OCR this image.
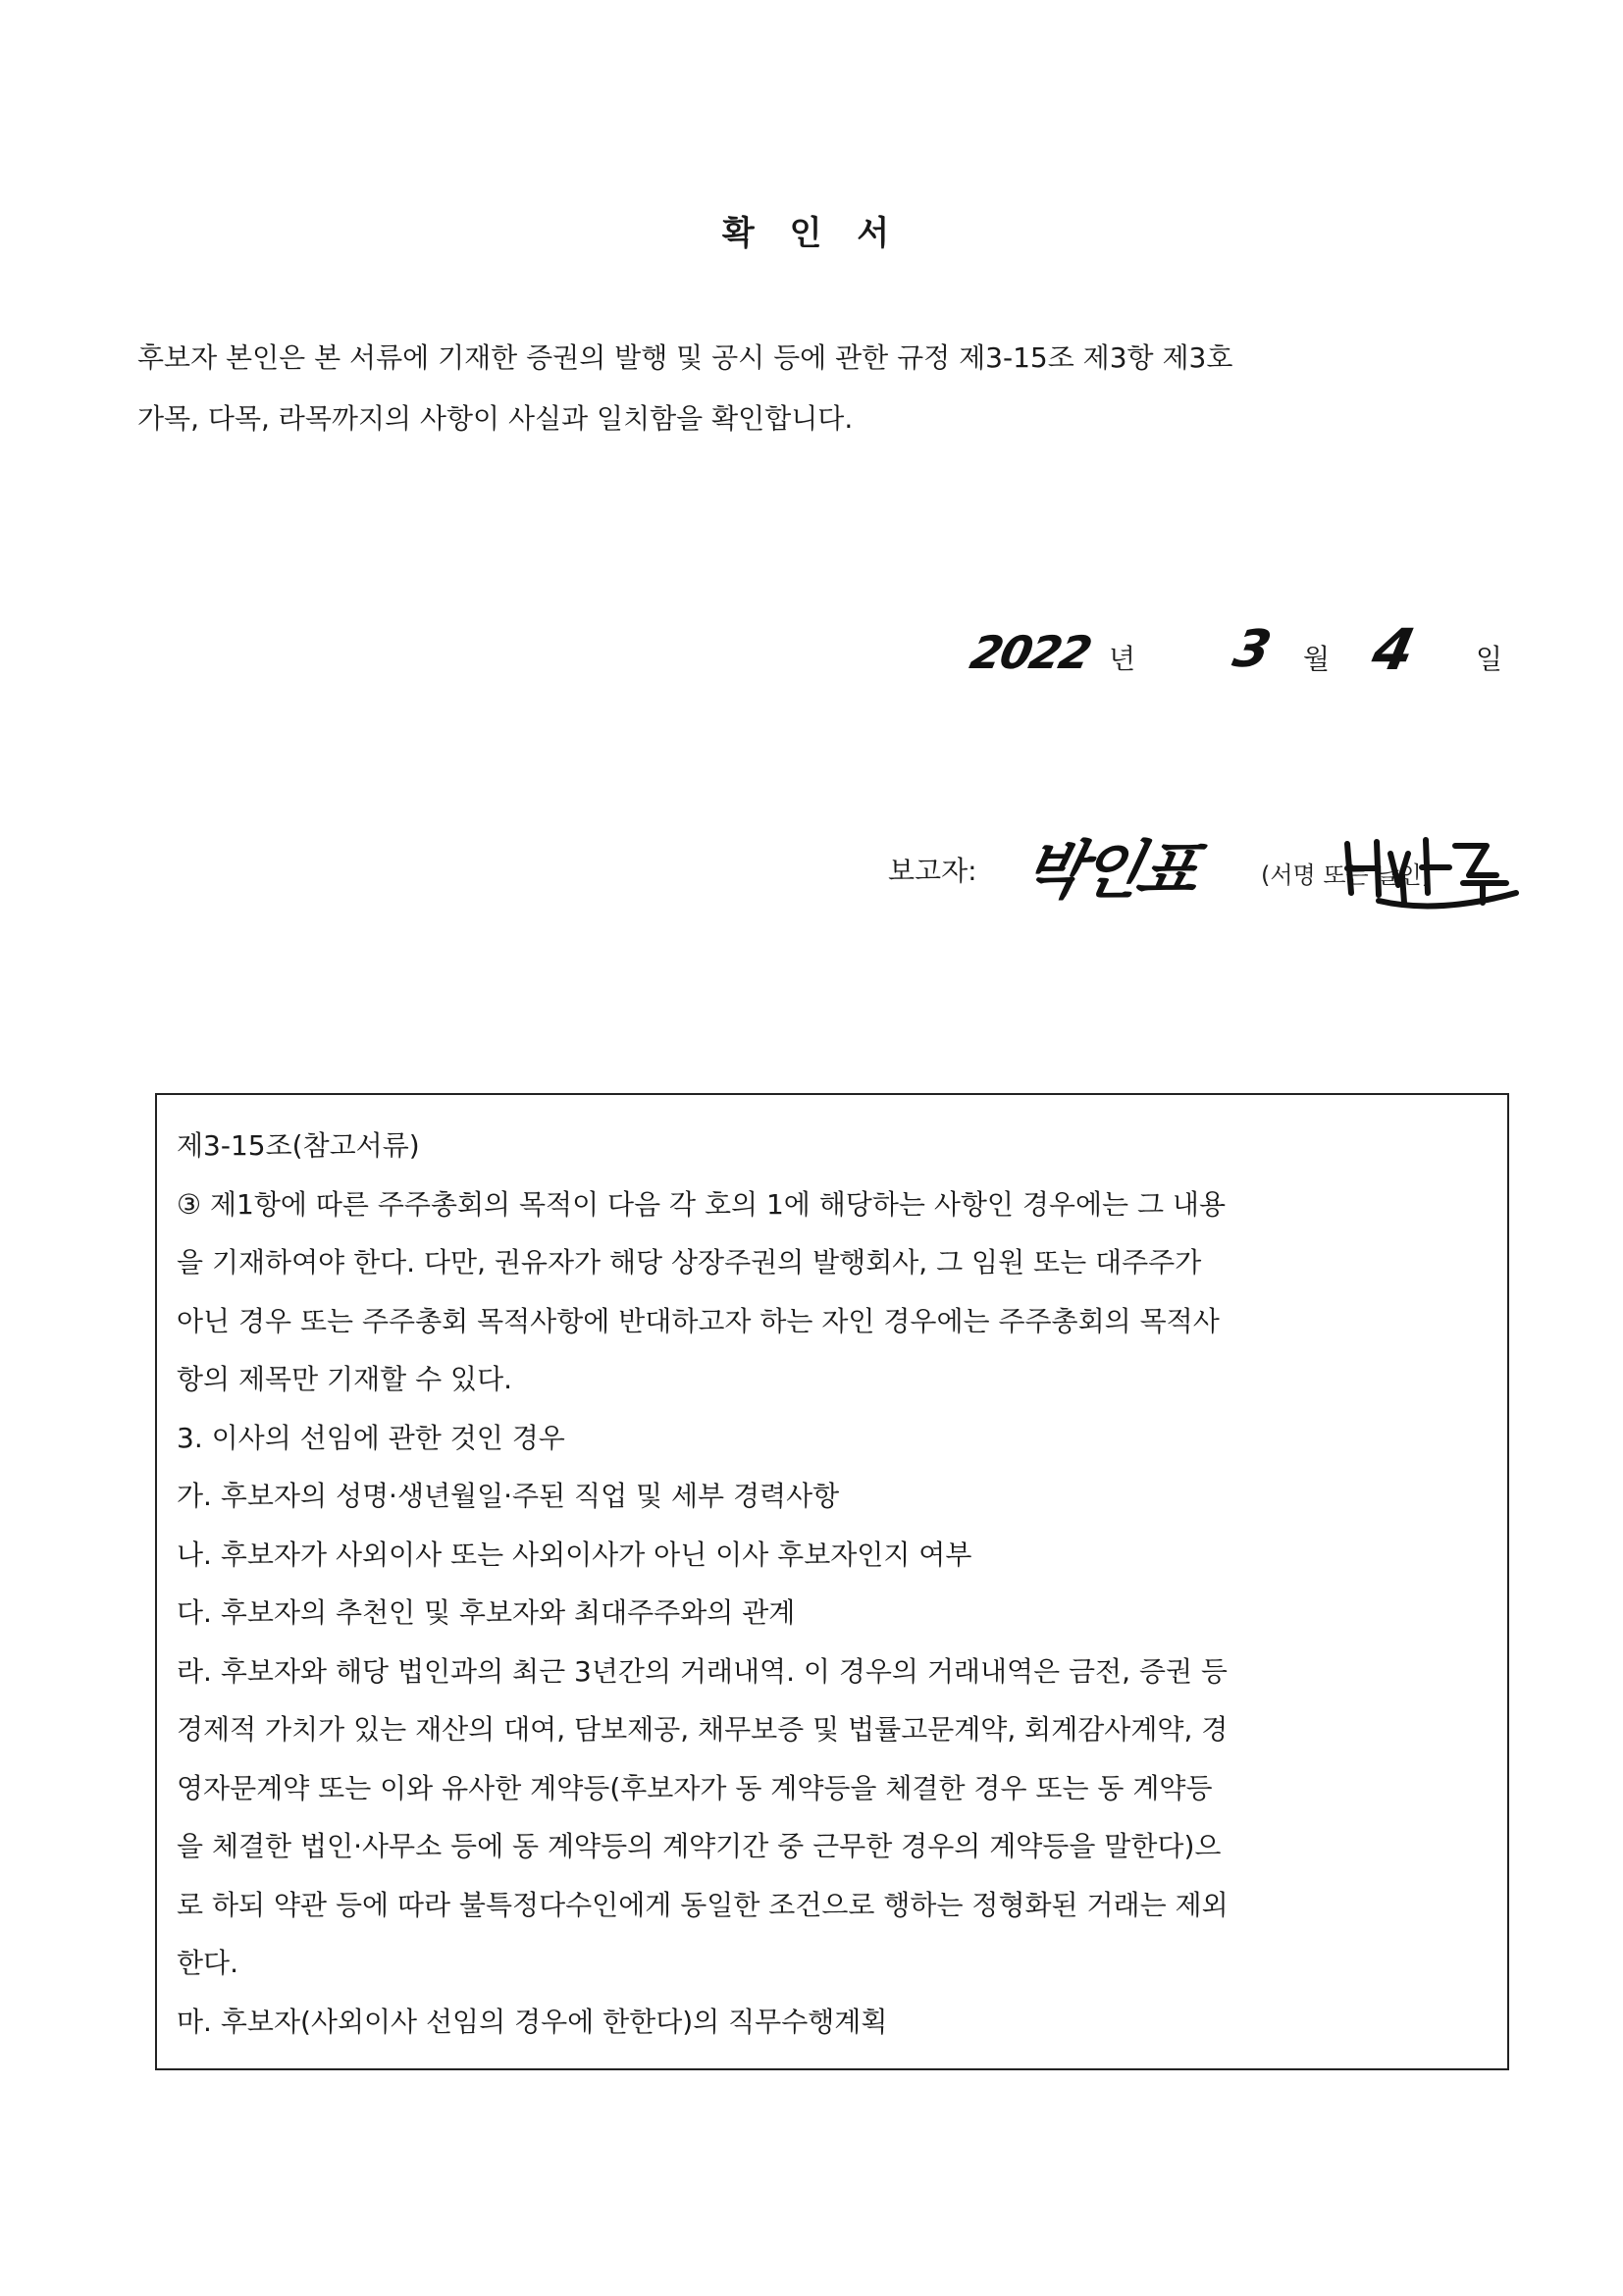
확 인 서
후보자 본인은 본 서류에 기재한 증권의 발행 및 공시 등에 관한 규정 제3-15조 제3항 제3호
가목, 다목, 라목까지의 사항이 사실과 일치함을 확인합니다.
2022 년 3 월 4 일
보고자: 박인표 (서명 또는 날인)
제3-15조(참고서류)
③ 제1항에 따른 주주총회의 목적이 다음 각 호의 1에 해당하는 사항인 경우에는 그 내용
을 기재하여야 한다. 다만, 권유자가 해당 상장주권의 발행회사, 그 임원 또는 대주주가
아닌 경우 또는 주주총회 목적사항에 반대하고자 하는 자인 경우에는 주주총회의 목적사
항의 제목만 기재할 수 있다.
3. 이사의 선임에 관한 것인 경우
가. 후보자의 성명·생년월일·주된 직업 및 세부 경력사항
나. 후보자가 사외이사 또는 사외이사가 아닌 이사 후보자인지 여부
다. 후보자의 추천인 및 후보자와 최대주주와의 관계
라. 후보자와 해당 법인과의 최근 3년간의 거래내역. 이 경우의 거래내역은 금전, 증권 등
경제적 가치가 있는 재산의 대여, 담보제공, 채무보증 및 법률고문계약, 회계감사계약, 경
영자문계약 또는 이와 유사한 계약등(후보자가 동 계약등을 체결한 경우 또는 동 계약등
을 체결한 법인·사무소 등에 동 계약등의 계약기간 중 근무한 경우의 계약등을 말한다)으
로 하되 약관 등에 따라 불특정다수인에게 동일한 조건으로 행하는 정형화된 거래는 제외
한다.
마. 후보자(사외이사 선임의 경우에 한한다)의 직무수행계획
